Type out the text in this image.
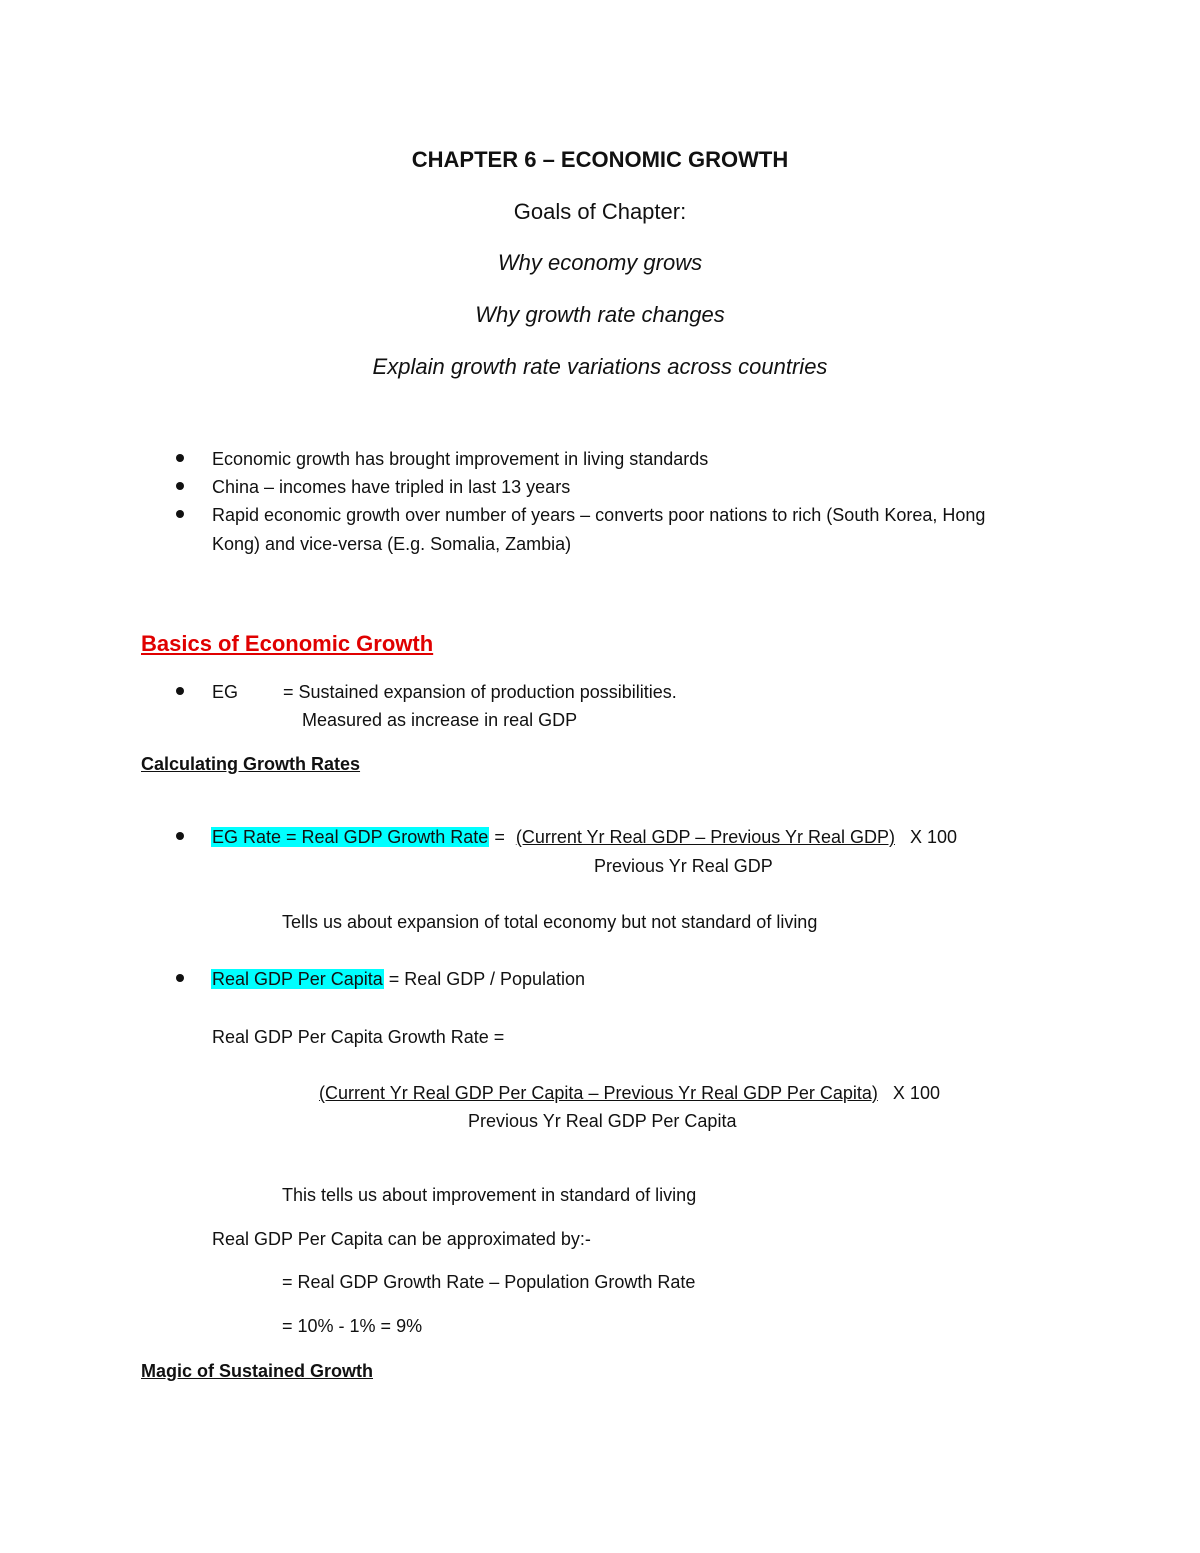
CHAPTER 6 – ECONOMIC GROWTH
Goals of Chapter:
Why economy grows
Why growth rate changes
Explain growth rate variations across countries
Economic growth has brought improvement in living standards
China – incomes have tripled in last 13 years
Rapid economic growth over number of years – converts poor nations to rich (South Korea, Hong
Kong) and vice-versa (E.g. Somalia, Zambia)
Basics of Economic Growth
EG = Sustained expansion of production possibilities.
Measured as increase in real GDP
Calculating Growth Rates
EG Rate = Real GDP Growth Rate = (Current Yr Real GDP – Previous Yr Real GDP) X 100
Previous Yr Real GDP
Tells us about expansion of total economy but not standard of living
Real GDP Per Capita = Real GDP / Population
Real GDP Per Capita Growth Rate =
(Current Yr Real GDP Per Capita – Previous Yr Real GDP Per Capita) X 100
Previous Yr Real GDP Per Capita
This tells us about improvement in standard of living
Real GDP Per Capita can be approximated by:-
= Real GDP Growth Rate – Population Growth Rate
= 10% - 1% = 9%
Magic of Sustained Growth
